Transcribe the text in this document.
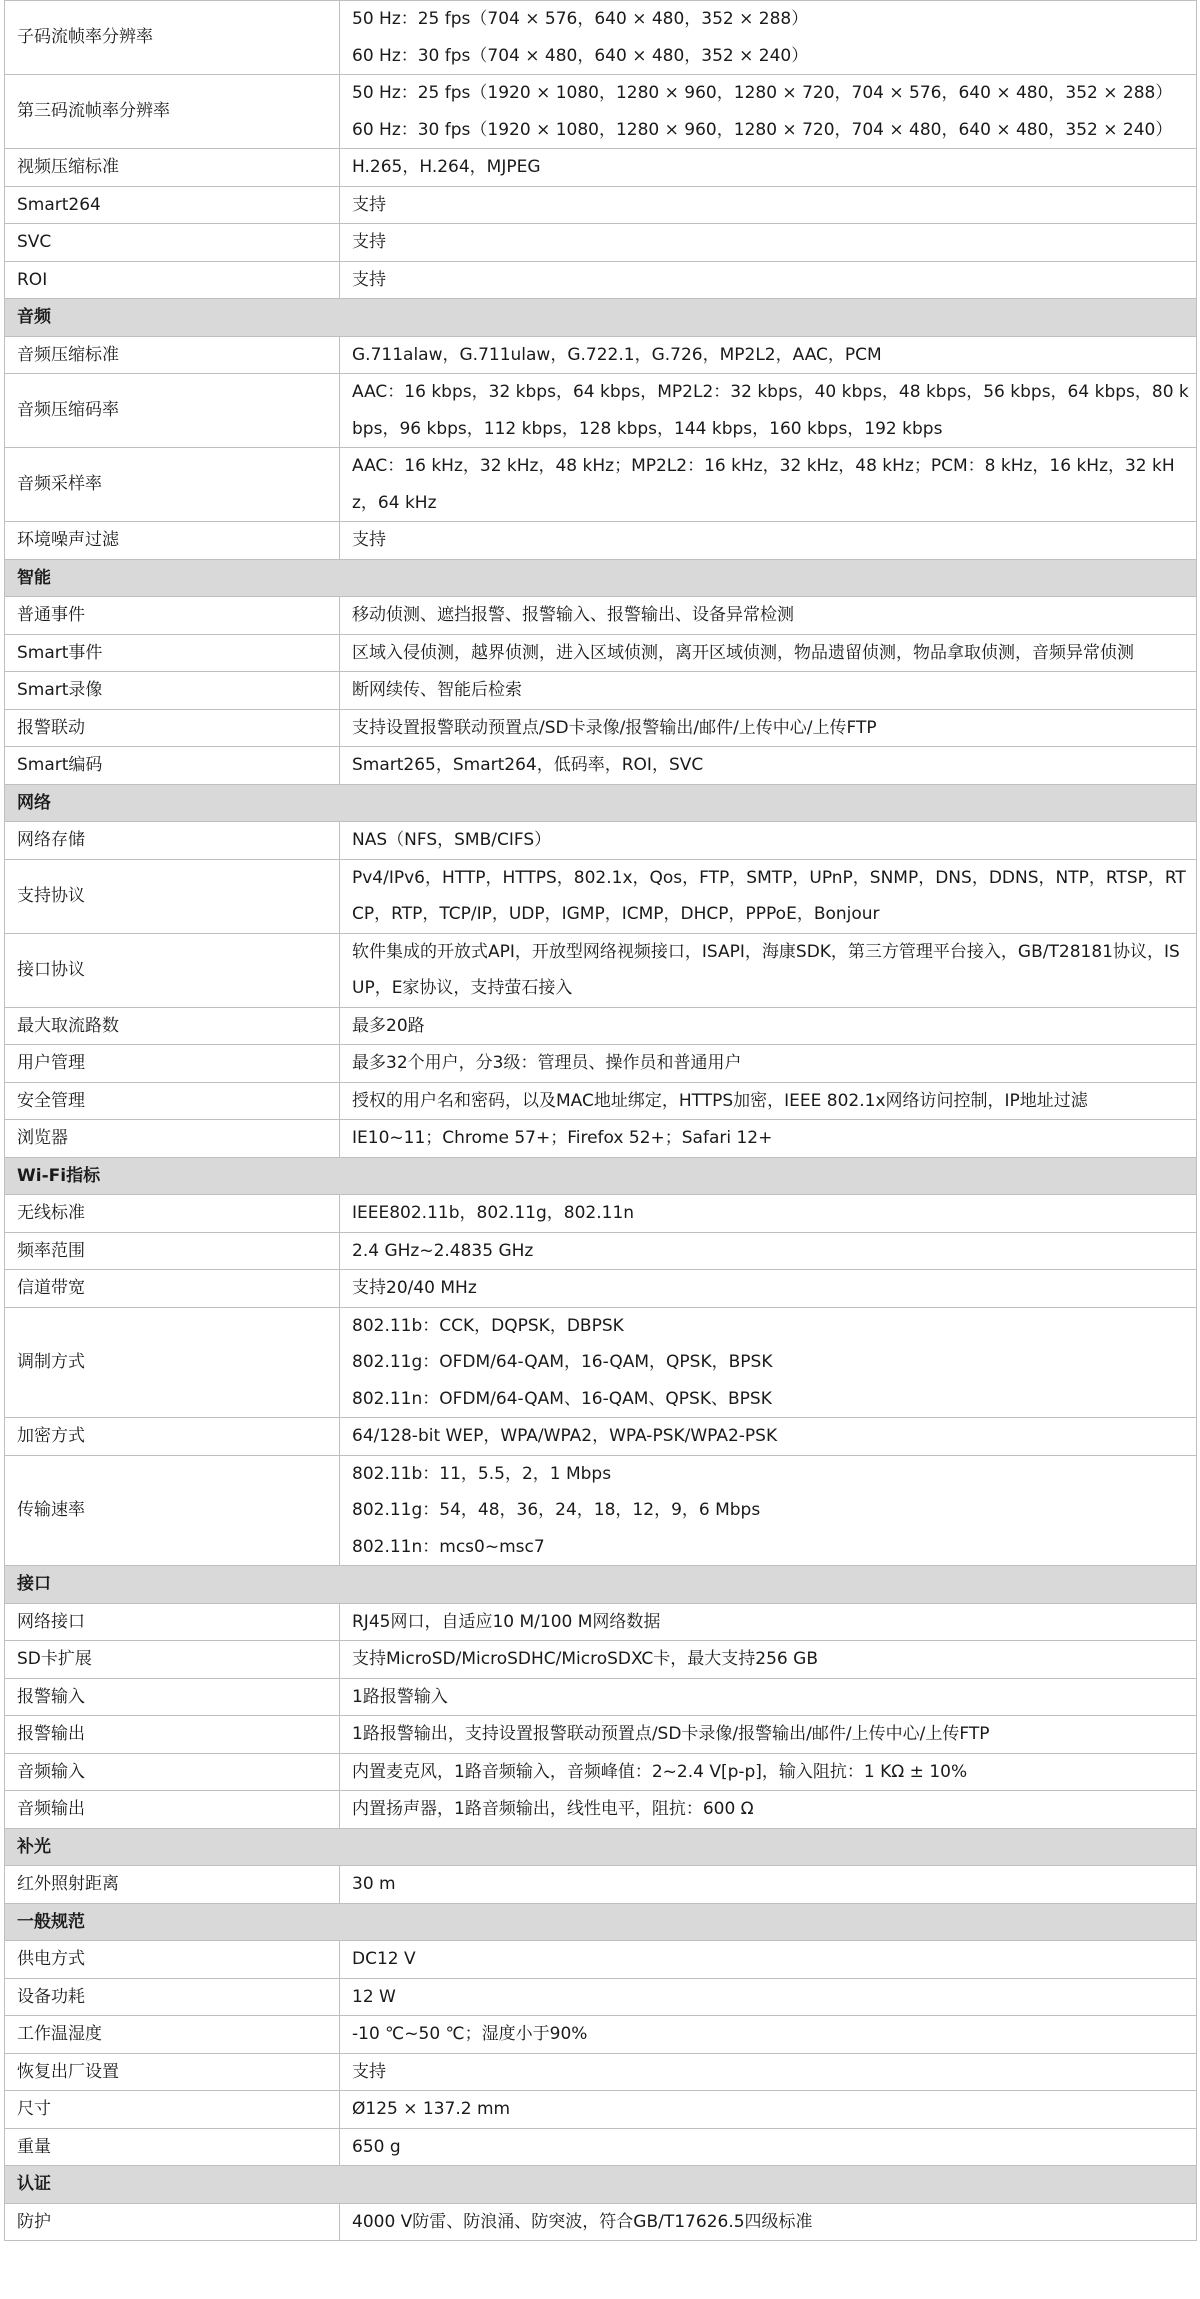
子码流帧率分辨率	50 Hz：25 fps（704 × 576，640 × 480，352 × 288）
60 Hz：30 fps（704 × 480，640 × 480，352 × 240）

第三码流帧率分辨率	50 Hz：25 fps（1920 × 1080，1280 × 960，1280 × 720，704 × 576，640 × 480，352 × 288）
60 Hz：30 fps（1920 × 1080，1280 × 960，1280 × 720，704 × 480，640 × 480，352 × 240）

视频压缩标准	H.265，H.264，MJPEG

Smart264	支持

SVC	支持

ROI	支持

音频	
音频压缩标准	G.711alaw，G.711ulaw，G.722.1，G.726，MP2L2，AAC，PCM

音频压缩码率	AAC：16 kbps，32 kbps，64 kbps，MP2L2：32 kbps，40 kbps，48 kbps，56 kbps，64 kbps，80 kbps，96 kbps，112 kbps，128 kbps，144 kbps，160 kbps，192 kbps

音频采样率	AAC：16 kHz，32 kHz，48 kHz；MP2L2：16 kHz，32 kHz，48 kHz；PCM：8 kHz，16 kHz，32 kHz，64 kHz

环境噪声过滤	支持

智能	
普通事件	移动侦测、遮挡报警、报警输入、报警输出、设备异常检测

Smart事件	区域入侵侦测，越界侦测，进入区域侦测，离开区域侦测，物品遗留侦测，物品拿取侦测，音频异常侦测

Smart录像	断网续传、智能后检索

报警联动	支持设置报警联动预置点/SD卡录像/报警输出/邮件/上传中心/上传FTP

Smart编码	Smart265，Smart264，低码率，ROI，SVC

网络	
网络存储	NAS（NFS，SMB/CIFS）

支持协议	Pv4/IPv6，HTTP，HTTPS，802.1x，Qos，FTP，SMTP，UPnP，SNMP，DNS，DDNS，NTP，RTSP，RTCP，RTP，TCP/IP，UDP，IGMP，ICMP，DHCP，PPPoE，Bonjour

接口协议	软件集成的开放式API，开放型网络视频接口，ISAPI，海康SDK，第三方管理平台接入，GB/T28181协议，ISUP，E家协议，支持萤石接入

最大取流路数	最多20路

用户管理	最多32个用户，分3级：管理员、操作员和普通用户

安全管理	授权的用户名和密码，以及MAC地址绑定，HTTPS加密，IEEE 802.1x网络访问控制，IP地址过滤

浏览器	IE10~11；Chrome 57+；Firefox 52+；Safari 12+

Wi-Fi指标	
无线标准	IEEE802.11b，802.11g，802.11n

频率范围	2.4 GHz~2.4835 GHz

信道带宽	支持20/40 MHz

调制方式	802.11b：CCK，DQPSK，DBPSK
802.11g：OFDM/64-QAM，16-QAM，QPSK，BPSK
802.11n：OFDM/64-QAM、16-QAM、QPSK、BPSK

加密方式	64/128-bit WEP，WPA/WPA2，WPA-PSK/WPA2-PSK

传输速率	802.11b：11，5.5，2，1 Mbps
802.11g：54，48，36，24，18，12，9，6 Mbps
802.11n：mcs0~msc7

接口	
网络接口	RJ45网口，自适应10 M/100 M网络数据

SD卡扩展	支持MicroSD/MicroSDHC/MicroSDXC卡，最大支持256 GB

报警输入	1路报警输入

报警输出	1路报警输出，支持设置报警联动预置点/SD卡录像/报警输出/邮件/上传中心/上传FTP

音频输入	内置麦克风，1路音频输入，音频峰值：2~2.4 V[p-p]，输入阻抗：1 KΩ ± 10%

音频输出	内置扬声器，1路音频输出，线性电平，阻抗：600 Ω

补光	
红外照射距离	30 m

一般规范	
供电方式	DC12 V

设备功耗	12 W

工作温湿度	-10 ℃~50 ℃；湿度小于90%

恢复出厂设置	支持

尺寸	Ø125 × 137.2 mm

重量	650 g

认证	
防护	4000 V防雷、防浪涌、防突波，符合GB/T17626.5四级标准
